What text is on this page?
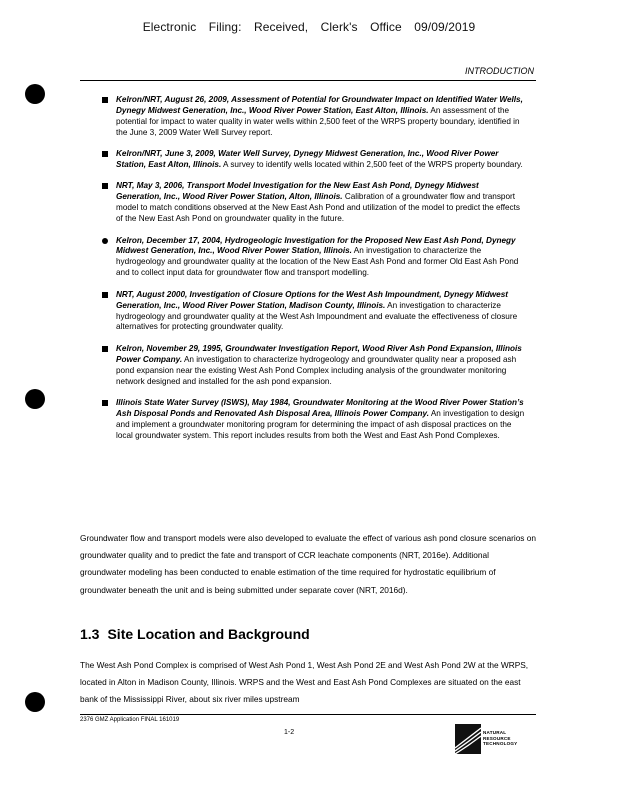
Electronic Filing: Received, Clerk's Office 09/09/2019
INTRODUCTION
Kelron/NRT, August 26, 2009, Assessment of Potential for Groundwater Impact on Identified Water Wells, Dynegy Midwest Generation, Inc., Wood River Power Station, East Alton, Illinois. An assessment of the potential for impact to water quality in water wells within 2,500 feet of the WRPS property boundary, identified in the June 3, 2009 Water Well Survey report.
Kelron/NRT, June 3, 2009, Water Well Survey, Dynegy Midwest Generation, Inc., Wood River Power Station, East Alton, Illinois. A survey to identify wells located within 2,500 feet of the WRPS property boundary.
NRT, May 3, 2006, Transport Model Investigation for the New East Ash Pond, Dynegy Midwest Generation, Inc., Wood River Power Station, Alton, Illinois. Calibration of a groundwater flow and transport model to match conditions observed at the New East Ash Pond and utilization of the model to predict the effects of the New East Ash Pond on groundwater quality in the future.
Kelron, December 17, 2004, Hydrogeologic Investigation for the Proposed New East Ash Pond, Dynegy Midwest Generation, Inc., Wood River Power Station, Illinois. An investigation to characterize the hydrogeology and groundwater quality at the location of the New East Ash Pond and former Old East Ash Pond and to collect input data for groundwater flow and transport modelling.
NRT, August 2000, Investigation of Closure Options for the West Ash Impoundment, Dynegy Midwest Generation, Inc., Wood River Power Station, Madison County, Illinois. An investigation to characterize hydrogeology and groundwater quality at the West Ash Impoundment and evaluate the effectiveness of closure alternatives for protecting groundwater quality.
Kelron, November 29, 1995, Groundwater Investigation Report, Wood River Ash Pond Expansion, Illinois Power Company. An investigation to characterize hydrogeology and groundwater quality near a proposed ash pond expansion near the existing West Ash Pond Complex including analysis of the groundwater monitoring network designed and installed for the ash pond expansion.
Illinois State Water Survey (ISWS), May 1984, Groundwater Monitoring at the Wood River Power Station’s Ash Disposal Ponds and Renovated Ash Disposal Area, Illinois Power Company. An investigation to design and implement a groundwater monitoring program for determining the impact of ash disposal practices on the local groundwater system. This report includes results from both the West and East Ash Pond Complexes.

Groundwater flow and transport models were also developed to evaluate the effect of various ash pond closure scenarios on groundwater quality and to predict the fate and transport of CCR leachate components (NRT, 2016e). Additional groundwater modeling has been conducted to enable estimation of the time required for hydrostatic equilibrium of groundwater beneath the unit and is being submitted under separate cover (NRT, 2016d).

1.3 Site Location and Background

The West Ash Pond Complex is comprised of West Ash Pond 1, West Ash Pond 2E and West Ash Pond 2W at the WRPS, located in Alton in Madison County, Illinois. WRPS and the West and East Ash Pond Complexes are situated on the east bank of the Mississippi River, about six river miles upstream

2376 GMZ Application FINAL 161019
1-2	NATURAL
RESOURCE
TECHNOLOGY
